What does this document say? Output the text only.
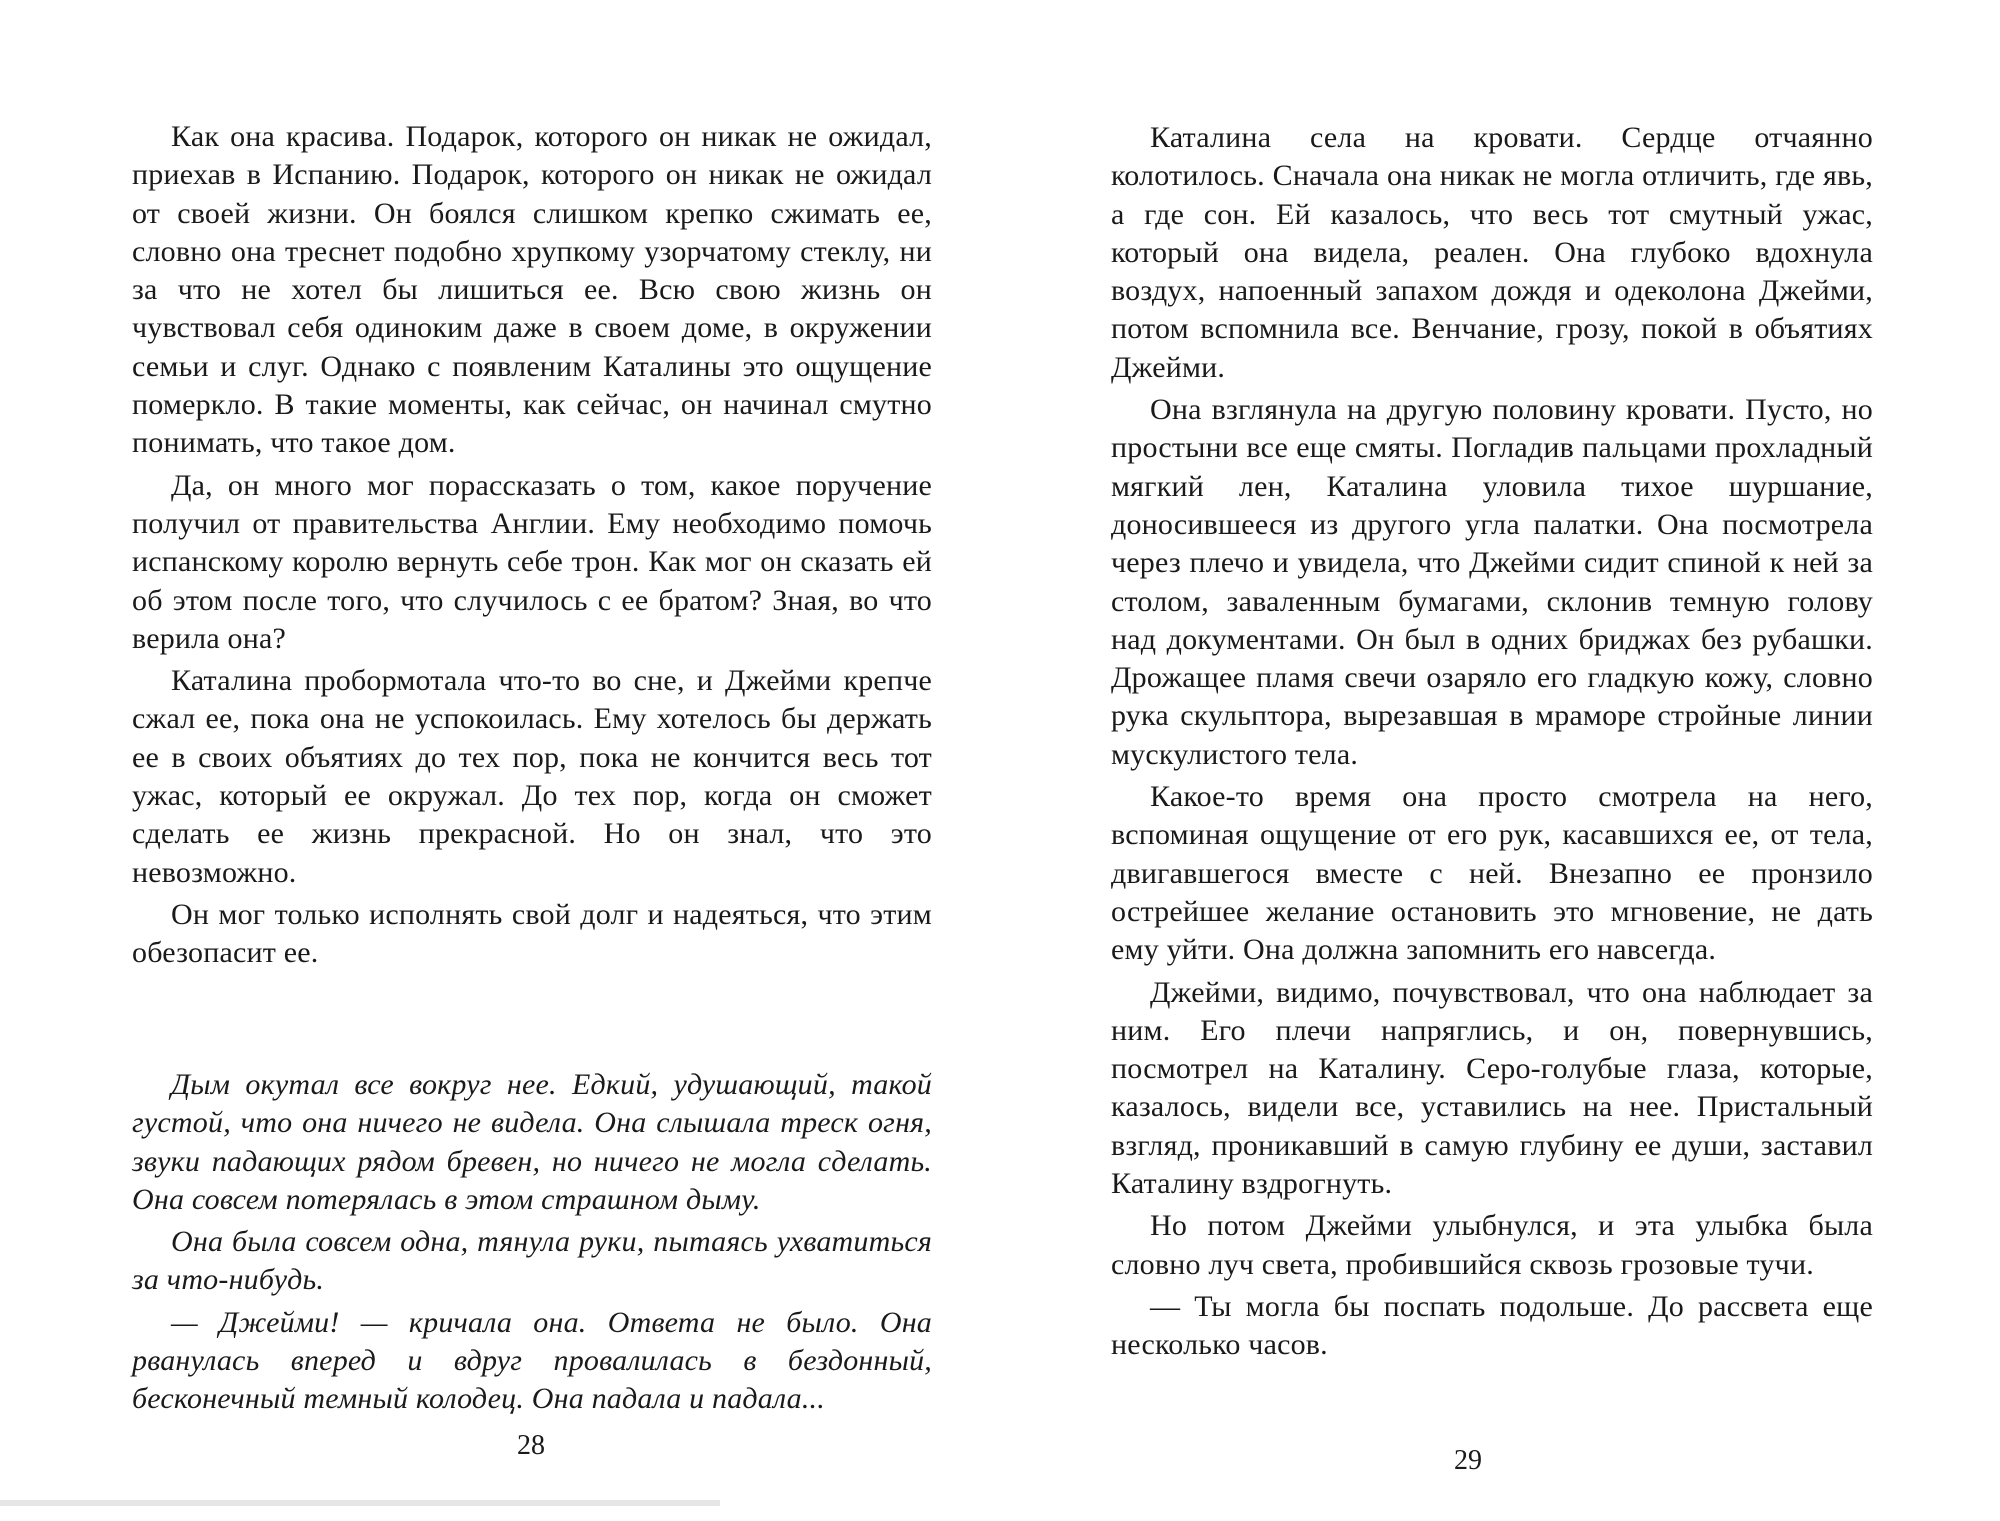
Как она красива. Подарок, которого он никак не ожидал, приехав в Испанию. Подарок, которого он никак не ожидал от своей жизни. Он боялся слишком крепко сжимать ее, словно она треснет подобно хрупкому узорчатому стеклу, ни за что не хотел бы лишиться ее. Всю свою жизнь он чувствовал себя одиноким даже в своем доме, в окружении семьи и слуг. Однако с появленим Каталины это ощущение померкло. В такие моменты, как сейчас, он начинал смутно понимать, что такое дом.

Да, он много мог порассказать о том, какое поручение получил от правительства Англии. Ему необходимо помочь испанскому королю вернуть себе трон. Как мог он сказать ей об этом после того, что случилось с ее братом? Зная, во что верила она?

Каталина пробормотала что-то во сне, и Джейми крепче сжал ее, пока она не успокоилась. Ему хотелось бы держать ее в своих объятиях до тех пор, пока не кончится весь тот ужас, который ее окружал. До тех пор, когда он сможет сделать ее жизнь прекрасной. Но он знал, что это невозможно.

Он мог только исполнять свой долг и надеяться, что этим обезопасит ее.

Дым окутал все вокруг нее. Едкий, удушающий, такой густой, что она ничего не видела. Она слышала треск огня, звуки падающих рядом бревен, но ничего не могла сделать. Она совсем потерялась в этом страшном дыму.

Она была совсем одна, тянула руки, пытаясь ухватиться за что-нибудь.

— Джейми! — кричала она. Ответа не было. Она рванулась вперед и вдруг провалилась в бездонный, бесконечный темный колодец. Она падала и падала...

28

Каталина села на кровати. Сердце отчаянно колотилось. Сначала она никак не могла отличить, где явь, а где сон. Ей казалось, что весь тот смутный ужас, который она видела, реален. Она глубоко вдохнула воздух, напоенный запахом дождя и одеколона Джейми, потом вспомнила все. Венчание, грозу, покой в объятиях Джейми.

Она взглянула на другую половину кровати. Пусто, но простыни все еще смяты. Погладив пальцами прохладный мягкий лен, Каталина уловила тихое шуршание, доносившееся из другого угла палатки. Она посмотрела через плечо и увидела, что Джейми сидит спиной к ней за столом, заваленным бумагами, склонив темную голову над документами. Он был в одних бриджах без рубашки. Дрожащее пламя свечи озаряло его гладкую кожу, словно рука скульптора, вырезавшая в мраморе стройные линии мускулистого тела.

Какое-то время она просто смотрела на него, вспоминая ощущение от его рук, касавшихся ее, от тела, двигавшегося вместе с ней. Внезапно ее пронзило острейшее желание остановить это мгновение, не дать ему уйти. Она должна запомнить его навсегда.

Джейми, видимо, почувствовал, что она наблюдает за ним. Его плечи напряглись, и он, повернувшись, посмотрел на Каталину. Серо-голубые глаза, которые, казалось, видели все, уставились на нее. Пристальный взгляд, проникавший в самую глубину ее души, заставил Каталину вздрогнуть.

Но потом Джейми улыбнулся, и эта улыбка была словно луч света, пробившийся сквозь грозовые тучи.

— Ты могла бы поспать подольше. До рассвета еще несколько часов.

29
